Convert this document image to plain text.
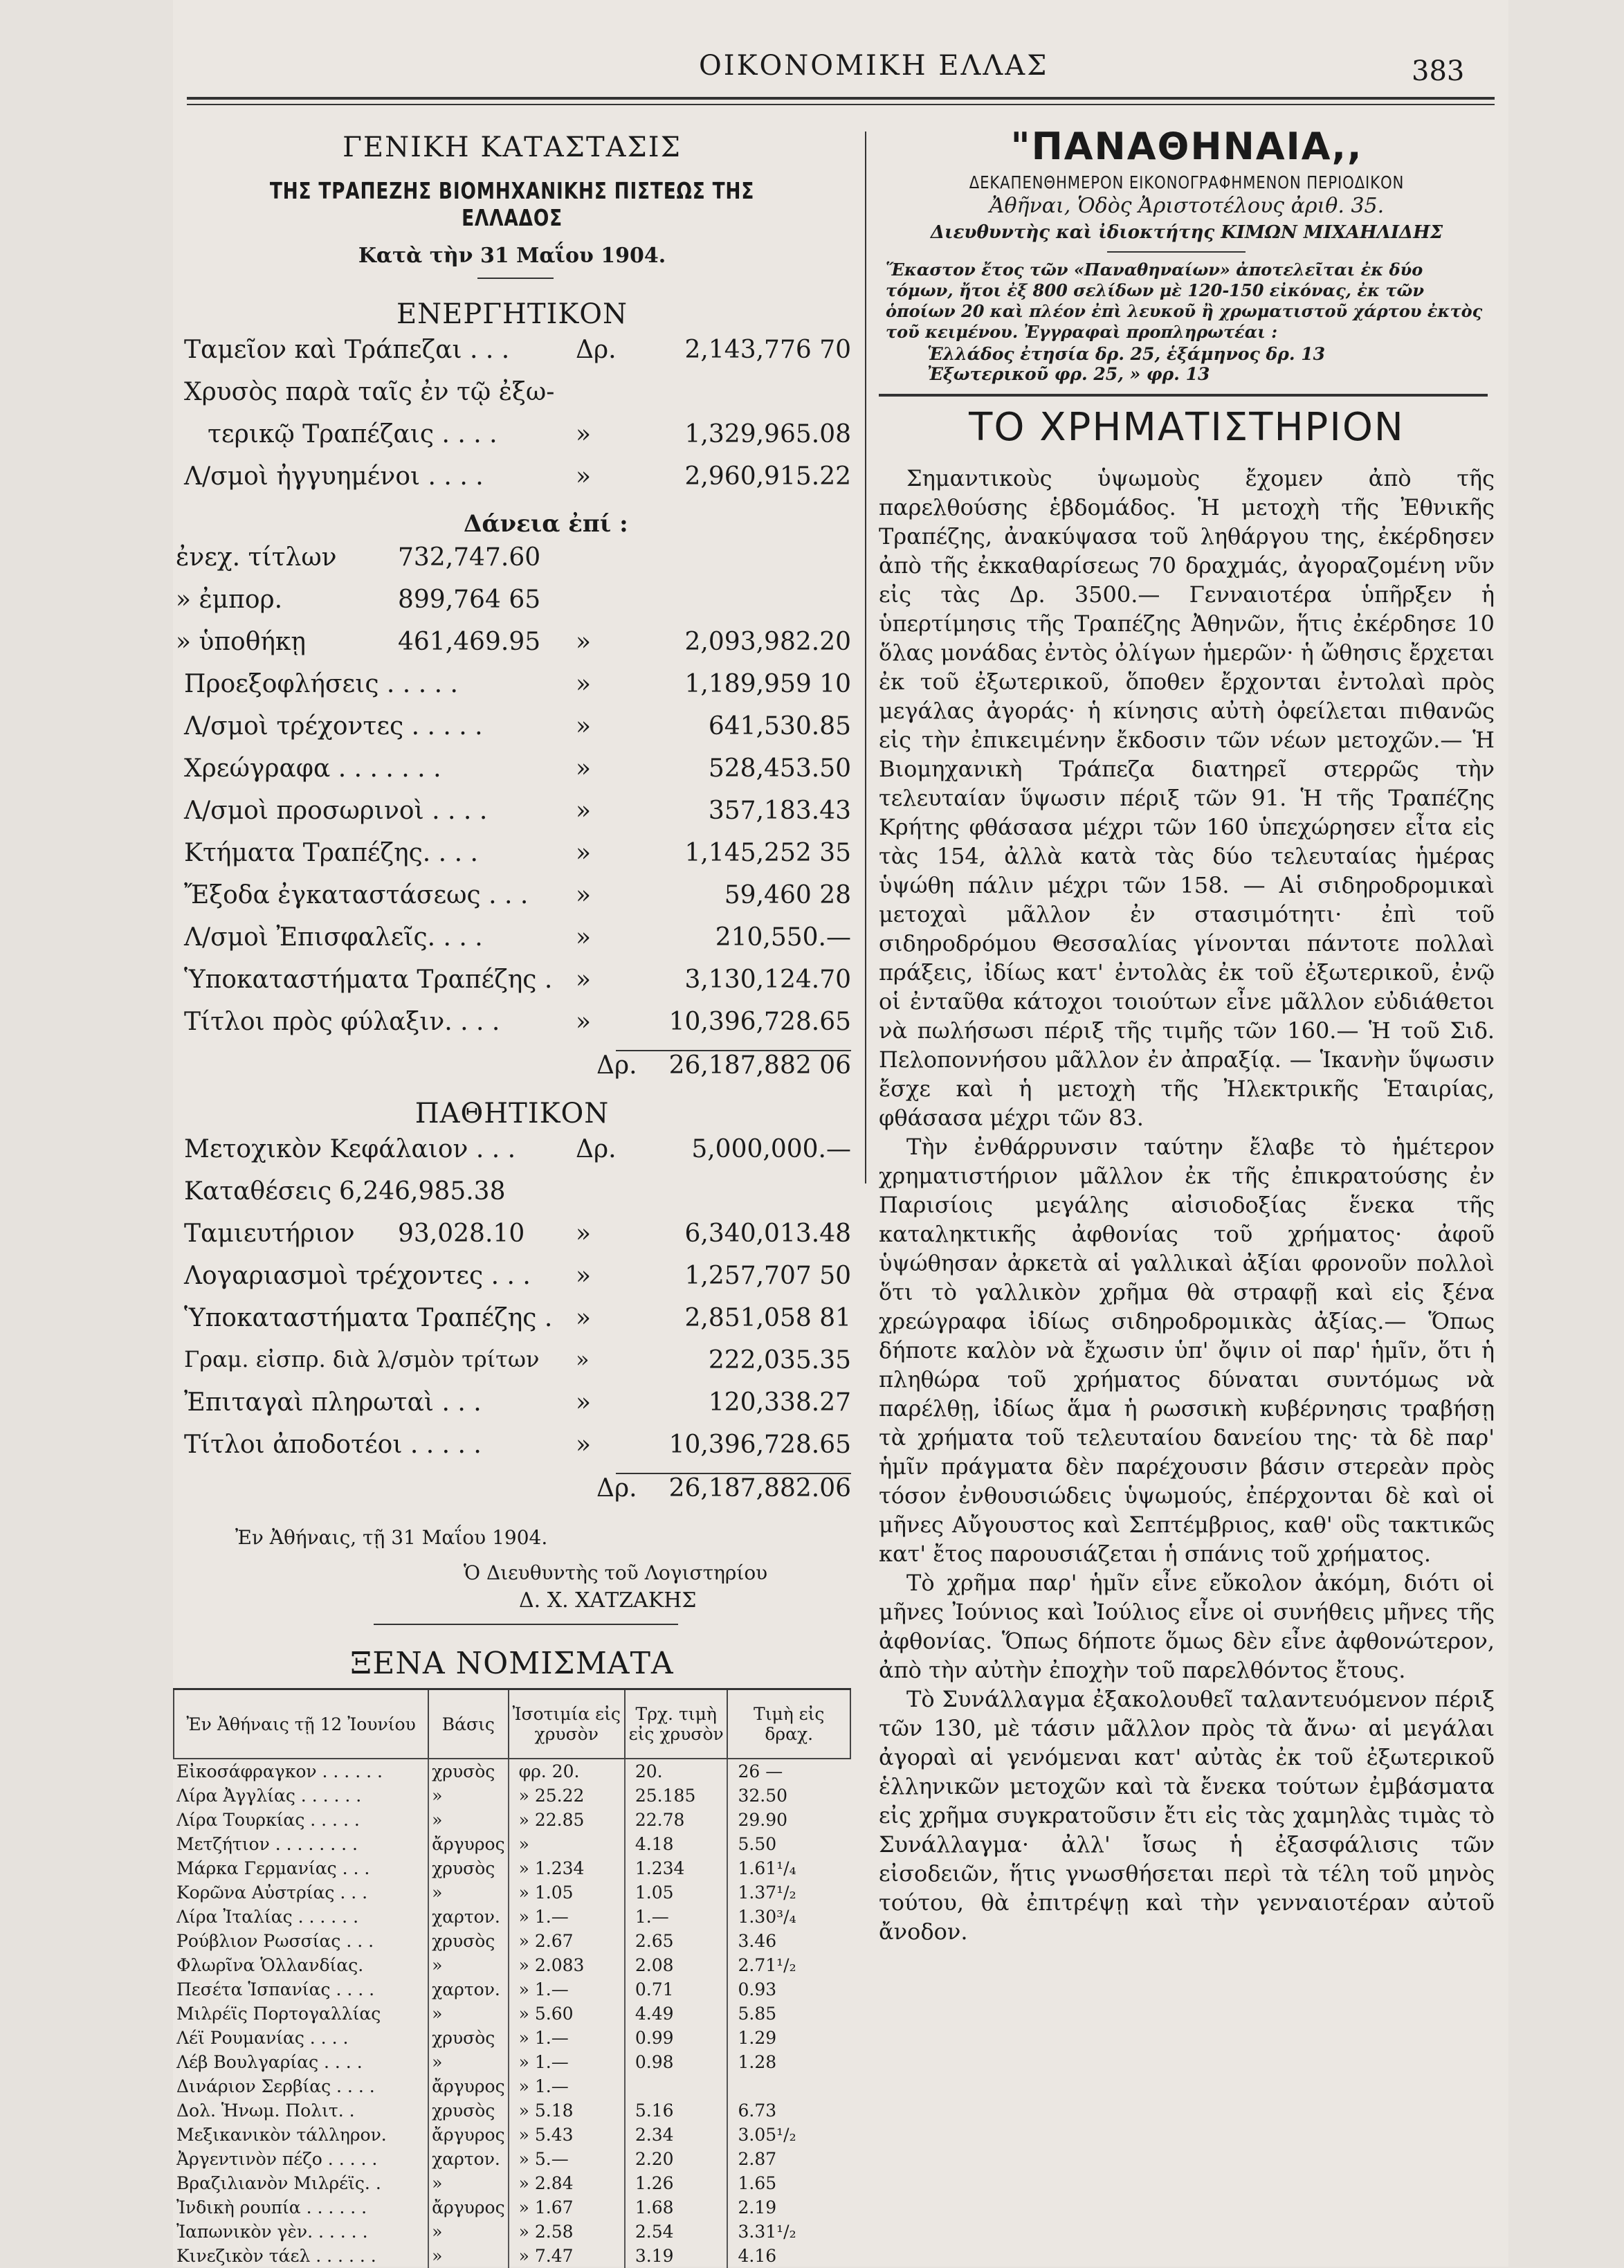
ΟΙΚΟΝΟΜΙΚΗ ΕΛΛΑΣ	383
ΓΕΝΙΚΗ ΚΑΤΑΣΤΑΣΙΣ
ΤΗΣ ΤΡΑΠΕΖΗΣ ΒΙΟΜΗΧΑΝΙΚΗΣ ΠΙΣΤΕΩΣ ΤΗΣ ΕΛΛΑΔΟΣ
Κατὰ τὴν 31 Μαΐου 1904.
ΕΝΕΡΓΗΤΙΚΟΝ
Ταμεῖον καὶ Τράπεζαι . . .	Δρ.	2,143,776 70
Χρυσὸς παρὰ ταῖς ἐν τῷ ἐξω-
τερικῷ Τραπέζαις . . . .	»	1,329,965.08
Λ/σμοὶ ἠγγυημένοι . . . .	»	2,960,915.22
Δάνεια ἐπί :
ἐνεχ. τίτλων 732,747.60
» ἐμπορ.	899,764 65
» ὑποθήκῃ	461,469.95 »	2,093,982.20
Προεξοφλήσεις . . . . .	»	1,189,959 10
Λ/σμοὶ τρέχοντες . . . . .	»	641,530.85
Χρεώγραφα . . . . . . .	»	528,453.50
Λ/σμοὶ προσωρινοὶ . . . .	»	357,183.43
Κτήματα Τραπέζης. . . .	»	1,145,252 35
Ἔξοδα ἐγκαταστάσεως . . . »	59,460 28
Λ/σμοὶ Ἐπισφαλεῖς. . . .	»	210,550.—
Ὑποκαταστήματα Τραπέζης . »	3,130,124.70
Τίτλοι πρὸς φύλαξιν. . . .	»	10,396,728.65
Δρ.	26,187,882 06
ΠΑΘΗΤΙΚΟΝ
Μετοχικὸν Κεφάλαιον . . . Δρ.	5,000,000.—
Καταθέσεις 6,246,985.38
Ταμιευτήριον 93,028.10 »	6,340,013.48
Λογαριασμοὶ τρέχοντες . . . »	1,257,707 50
Ὑποκαταστήματα Τραπέζης . »	2,851,058 81
Γραμ. εἰσπρ. διὰ λ/σμὸν τρίτων »	222,035.35
Ἐπιταγαὶ πληρωταὶ . . .	»	120,338.27
Τίτλοι ἀποδοτέοι . . . . .	»	10,396,728.65
Δρ.	26,187,882.06
Ἐν Ἀθήναις, τῇ 31 Μαΐου 1904.
Ὁ Διευθυντὴς τοῦ Λογιστηρίου
Δ. Χ. ΧΑΤΖΑΚΗΣ
ΞΕΝΑ ΝΟΜΙΣΜΑΤΑ
Ἐν Ἀθήναις τῇ 12 Ἰουνίου	Βάσις	Ἰσοτιμία εἰς χρυσὸν	Τρχ. τιμὴ εἰς χρυσὸν	Τιμὴ εἰς δραχ.
Εἰκοσάφραγκον . . . . . .	χρυσὸς	φρ. 20.	20.	26 —
Λίρα Ἀγγλίας . . . . . .	»	» 25.22	25.185	32.50
Λίρα Τουρκίας . . . . .	»	» 22.85	22.78	29.90
Μετζήτιον . . . . . . . .	ἄργυρος	»	4.18	5.50
Μάρκα Γερμανίας . . .	χρυσὸς	» 1.234	1.234	1.61¹/₄
Κορῶνα Αὐστρίας . . .	»	» 1.05	1.05	1.37¹/₂
Λίρα Ἰταλίας . . . . . .	χαρτον.	» 1.—	1.—	1.30³/₄
Ρούβλιον Ρωσσίας . . .	χρυσὸς	» 2.67	2.65	3.46
Φλωρῖνα Ὁλλανδίας.	»	» 2.083	2.08	2.71¹/₂
Πεσέτα Ἱσπανίας . . . .	χαρτον.	» 1.—	0.71	0.93
Μιλρέϊς Πορτογαλλίας	»	» 5.60	4.49	5.85
Λέϊ Ρουμανίας . . . .	χρυσὸς	» 1.—	0.99	1.29
Λέβ Βουλγαρίας . . . .	»	» 1.—	0.98	1.28
Δινάριον Σερβίας . . . .	ἄργυρος	» 1.—		
Δολ. Ἡνωμ. Πολιτ. .	χρυσὸς	» 5.18	5.16	6.73
Μεξικανικὸν τάλληρον.	ἄργυρος	» 5.43	2.34	3.05¹/₂
Ἀργεντινὸν πέζο . . . . .	χαρτον.	» 5.—	2.20	2.87
Βραζιλιανὸν Μιλρέϊς. .	»	» 2.84	1.26	1.65
Ἰνδικὴ ρουπία . . . . . .	ἄργυρος	» 1.67	1.68	2.19
Ἰαπωνικὸν γὲν. . . . . .	»	» 2.58	2.54	3.31¹/₂
Κινεζικὸν τάελ . . . . . .	»	» 7.47	3.19	4.16
"ΠΑΝΑΘΗΝΑΙΑ,,
ΔΕΚΑΠΕΝΘΗΜΕΡΟΝ ΕΙΚΟΝΟΓΡΑΦΗΜΕΝΟΝ ΠΕΡΙΟΔΙΚΟΝ
Ἀθῆναι, Ὁδὸς Ἀριστοτέλους ἀριθ. 35.
Διευθυντὴς καὶ ἰδιοκτήτης ΚΙΜΩΝ ΜΙΧΑΗΛΙΔΗΣ
Ἕκαστον ἔτος τῶν «Παναθηναίων» ἀποτελεῖται ἐκ δύο τόμων, ἤτοι ἐξ 800 σελίδων μὲ 120-150 εἰκόνας, ἐκ τῶν ὁποίων 20 καὶ πλέον ἐπὶ λευκοῦ ἢ χρωματιστοῦ χάρτου ἐκτὸς τοῦ κειμένου. Ἐγγραφαὶ προπληρωτέαι :
Ἑλλάδος ἐτησία δρ. 25, ἑξάμηνος δρ. 13
Ἐξωτερικοῦ φρ. 25, » φρ. 13
ΤΟ ΧΡΗΜΑΤΙΣΤΗΡΙΟΝ

Σημαντικοὺς ὑψωμοὺς ἔχομεν ἀπὸ τῆς παρελθούσης ἑβδομάδος. Ἡ μετοχὴ τῆς Ἐθνικῆς Τραπέζης, ἀνακύψασα τοῦ ληθάργου της, ἐκέρδησεν ἀπὸ τῆς ἐκκαθαρίσεως 70 δραχμάς, ἀγοραζομένη νῦν εἰς τὰς Δρ. 3500.— Γενναιοτέρα ὑπῆρξεν ἡ ὑπερτίμησις τῆς Τραπέζης Ἀθηνῶν, ἥτις ἐκέρδησε 10 ὅλας μονάδας ἐντὸς ὀλίγων ἡμερῶν· ἡ ὤθησις ἔρχεται ἐκ τοῦ ἐξωτερικοῦ, ὅποθεν ἔρχονται ἐντολαὶ πρὸς μεγάλας ἀγοράς· ἡ κίνησις αὐτὴ ὀφείλεται πιθανῶς εἰς τὴν ἐπικειμένην ἔκδοσιν τῶν νέων μετοχῶν.— Ἡ Βιομηχανικὴ Τράπεζα διατηρεῖ στερρῶς τὴν τελευταίαν ὕψωσιν πέριξ τῶν 91. Ἡ τῆς Τραπέζης Κρήτης φθάσασα μέχρι τῶν 160 ὑπεχώρησεν εἶτα εἰς τὰς 154, ἀλλὰ κατὰ τὰς δύο τελευταίας ἡμέρας ὑψώθη πάλιν μέχρι τῶν 158. — Αἱ σιδηροδρομικαὶ μετοχαὶ μᾶλλον ἐν στασιμότητι· ἐπὶ τοῦ σιδηροδρόμου Θεσσαλίας γίνονται πάντοτε πολλαὶ πράξεις, ἰδίως κατ' ἐντολὰς ἐκ τοῦ ἐξωτερικοῦ, ἐνῷ οἱ ἐνταῦθα κάτοχοι τοιούτων εἶνε μᾶλλον εὐδιάθετοι νὰ πωλήσωσι πέριξ τῆς τιμῆς τῶν 160.— Ἡ τοῦ Σιδ. Πελοποννήσου μᾶλλον ἐν ἀπραξίᾳ. — Ἱκανὴν ὕψωσιν ἔσχε καὶ ἡ μετοχὴ τῆς Ἠλεκτρικῆς Ἑταιρίας, φθάσασα μέχρι τῶν 83.

Τὴν ἐνθάρρυνσιν ταύτην ἔλαβε τὸ ἡμέτερον χρηματιστήριον μᾶλλον ἐκ τῆς ἐπικρατούσης ἐν Παρισίοις μεγάλης αἰσιοδοξίας ἕνεκα τῆς καταληκτικῆς ἀφθονίας τοῦ χρήματος· ἀφοῦ ὑψώθησαν ἀρκετὰ αἱ γαλλικαὶ ἀξίαι φρονοῦν πολλοὶ ὅτι τὸ γαλλικὸν χρῆμα θὰ στραφῇ καὶ εἰς ξένα χρεώγραφα ἰδίως σιδηροδρομικὰς ἀξίας.— Ὅπως δήποτε καλὸν νὰ ἔχωσιν ὑπ' ὄψιν οἱ παρ' ἡμῖν, ὅτι ἡ πληθώρα τοῦ χρήματος δύναται συντόμως νὰ παρέλθῃ, ἰδίως ἅμα ἡ ρωσσικὴ κυβέρνησις τραβήσῃ τὰ χρήματα τοῦ τελευταίου δανείου της· τὰ δὲ παρ' ἡμῖν πράγματα δὲν παρέχουσιν βάσιν στερεὰν πρὸς τόσον ἐνθουσιώδεις ὑψωμούς, ἐπέρχονται δὲ καὶ οἱ μῆνες Αὔγουστος καὶ Σεπτέμβριος, καθ' οὓς τακτικῶς κατ' ἔτος παρουσιάζεται ἡ σπάνις τοῦ χρήματος.

Τὸ χρῆμα παρ' ἡμῖν εἶνε εὔκολον ἀκόμη, διότι οἱ μῆνες Ἰούνιος καὶ Ἰούλιος εἶνε οἱ συνήθεις μῆνες τῆς ἀφθονίας. Ὅπως δήποτε ὅμως δὲν εἶνε ἀφθονώτερον, ἀπὸ τὴν αὐτὴν ἐποχὴν τοῦ παρελθόντος ἔτους.

Τὸ Συνάλλαγμα ἐξακολουθεῖ ταλαντευόμενον πέριξ τῶν 130, μὲ τάσιν μᾶλλον πρὸς τὰ ἄνω· αἱ μεγάλαι ἀγοραὶ αἱ γενόμεναι κατ' αὐτὰς ἐκ τοῦ ἐξωτερικοῦ ἑλληνικῶν μετοχῶν καὶ τὰ ἔνεκα τούτων ἐμβάσματα εἰς χρῆμα συγκρατοῦσιν ἔτι εἰς τὰς χαμηλὰς τιμὰς τὸ Συνάλλαγμα· ἀλλ' ἴσως ἡ ἐξασφάλισις τῶν εἰσοδειῶν, ἥτις γνωσθήσεται περὶ τὰ τέλη τοῦ μηνὸς τούτου, θὰ ἐπιτρέψῃ καὶ τὴν γενναιοτέραν αὐτοῦ ἄνοδον.
